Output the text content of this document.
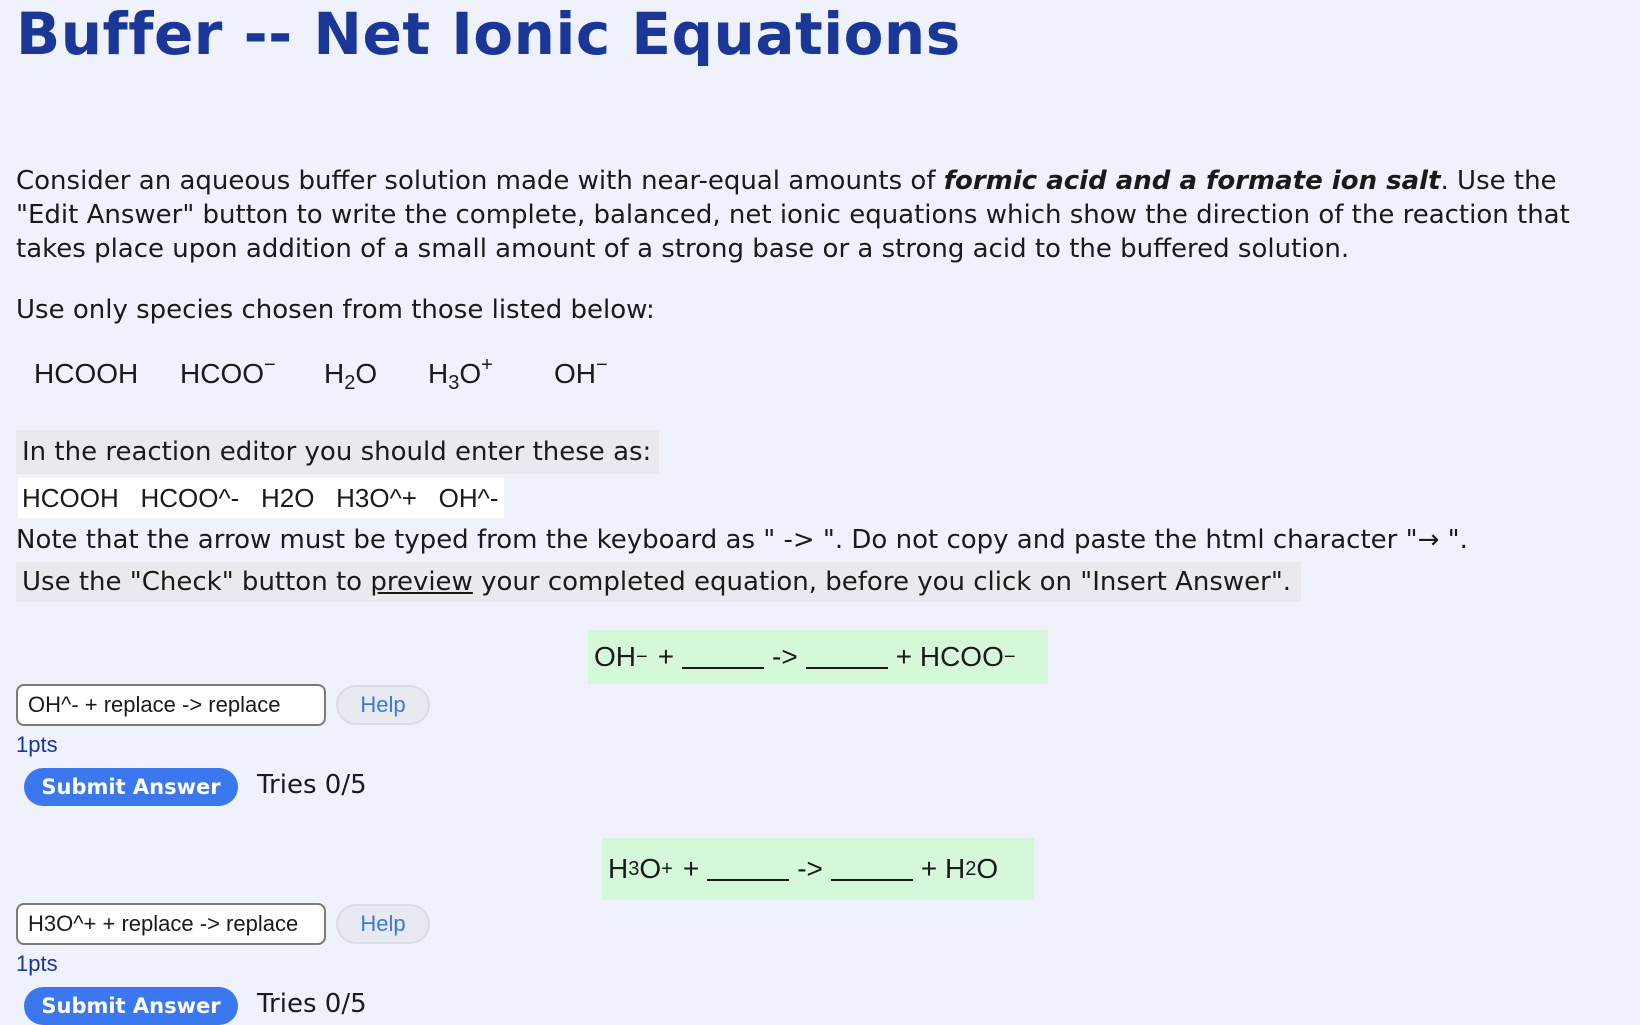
Buffer -- Net Ionic Equations

Consider an aqueous buffer solution made with near-equal amounts of formic acid and a formate ion salt. Use the "Edit Answer" button to write the complete, balanced, net ionic equations which show the direction of the reaction that takes place upon addition of a small amount of a strong base or a strong acid to the buffered solution.

Use only species chosen from those listed below:

HCOOH	HCOO−	$H_2O$	$H_3O^+$	OH−
In the reaction editor you should enter these as:
HCOOH   HCOO^-   H2O   H3O^+   OH^-

Note that the arrow must be typed from the keyboard as " -> ". Do not copy and paste the html character "→ ".

Use the "Check" button to preview your completed equation, before you click on "Insert Answer".
OH − +	->	+ HCOO −
OH^- + replace -> replace	Help
1pts
Submit Answer	Tries 0/5
H 3 O + +	->	+ H 2 O
H3O^+ + replace -> replace	Help
1pts
Submit Answer	Tries 0/5
